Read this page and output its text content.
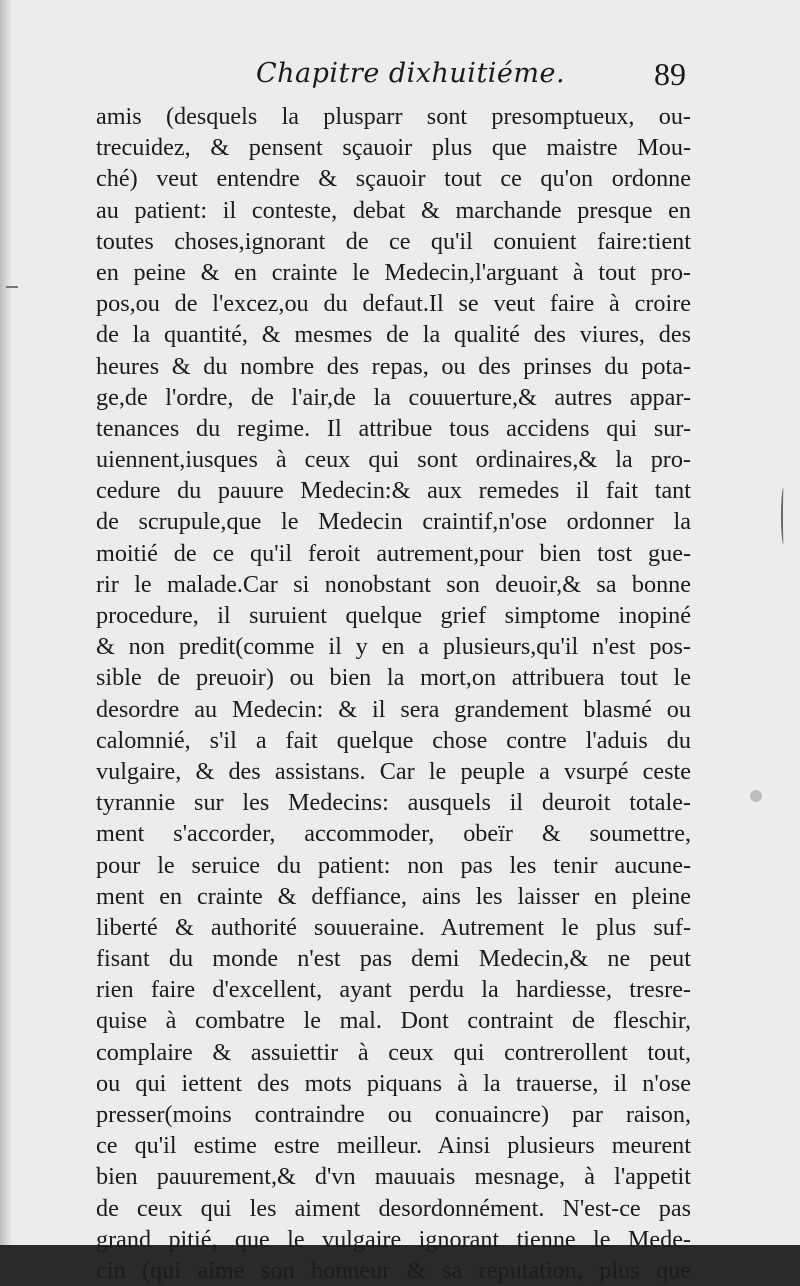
Chapitre dixhuitiéme.	89
amis (desquels la plusparr sont presomptueux, ou-
trecuidez, & pensent sçauoir plus que maistre Mou-
ché) veut entendre & sçauoir tout ce qu'on ordonne
au patient: il conteste, debat & marchande presque en
toutes choses,ignorant de ce qu'il conuient faire:tient
en peine & en crainte le Medecin,l'arguant à tout pro-
pos,ou de l'excez,ou du defaut.Il se veut faire à croire
de la quantité, & mesmes de la qualité des viures, des
heures & du nombre des repas, ou des prinses du pota-
ge,de l'ordre, de l'air,de la couuerture,& autres appar-
tenances du regime. Il attribue tous accidens qui sur-
uiennent,iusques à ceux qui sont ordinaires,& la pro-
cedure du pauure Medecin:& aux remedes il fait tant
de scrupule,que le Medecin craintif,n'ose ordonner la
moitié de ce qu'il feroit autrement,pour bien tost gue-
rir le malade.Car si nonobstant son deuoir,& sa bonne
procedure, il suruient quelque grief simptome inopiné
& non predit(comme il y en a plusieurs,qu'il n'est pos-
sible de preuoir) ou bien la mort,on attribuera tout le
desordre au Medecin: & il sera grandement blasmé ou
calomnié, s'il a fait quelque chose contre l'aduis du
vulgaire, & des assistans. Car le peuple a vsurpé ceste
tyrannie sur les Medecins: ausquels il deuroit totale-
ment s'accorder, accommoder, obeïr & soumettre,
pour le seruice du patient: non pas les tenir aucune-
ment en crainte & deffiance, ains les laisser en pleine
liberté & authorité souueraine. Autrement le plus suf-
fisant du monde n'est pas demi Medecin,& ne peut
rien faire d'excellent, ayant perdu la hardiesse, tresre-
quise à combatre le mal. Dont contraint de fleschir,
complaire & assuiettir à ceux qui contrerollent tout,
ou qui iettent des mots piquans à la trauerse, il n'ose
presser(moins contraindre ou conuaincre) par raison,
ce qu'il estime estre meilleur. Ainsi plusieurs meurent
bien pauurement,& d'vn mauuais mesnage, à l'appetit
de ceux qui les aiment desordonnément. N'est-ce pas
grand pitié, que le vulgaire ignorant tienne le Mede-
cin (qui aime son honneur & sa reputation, plus que
